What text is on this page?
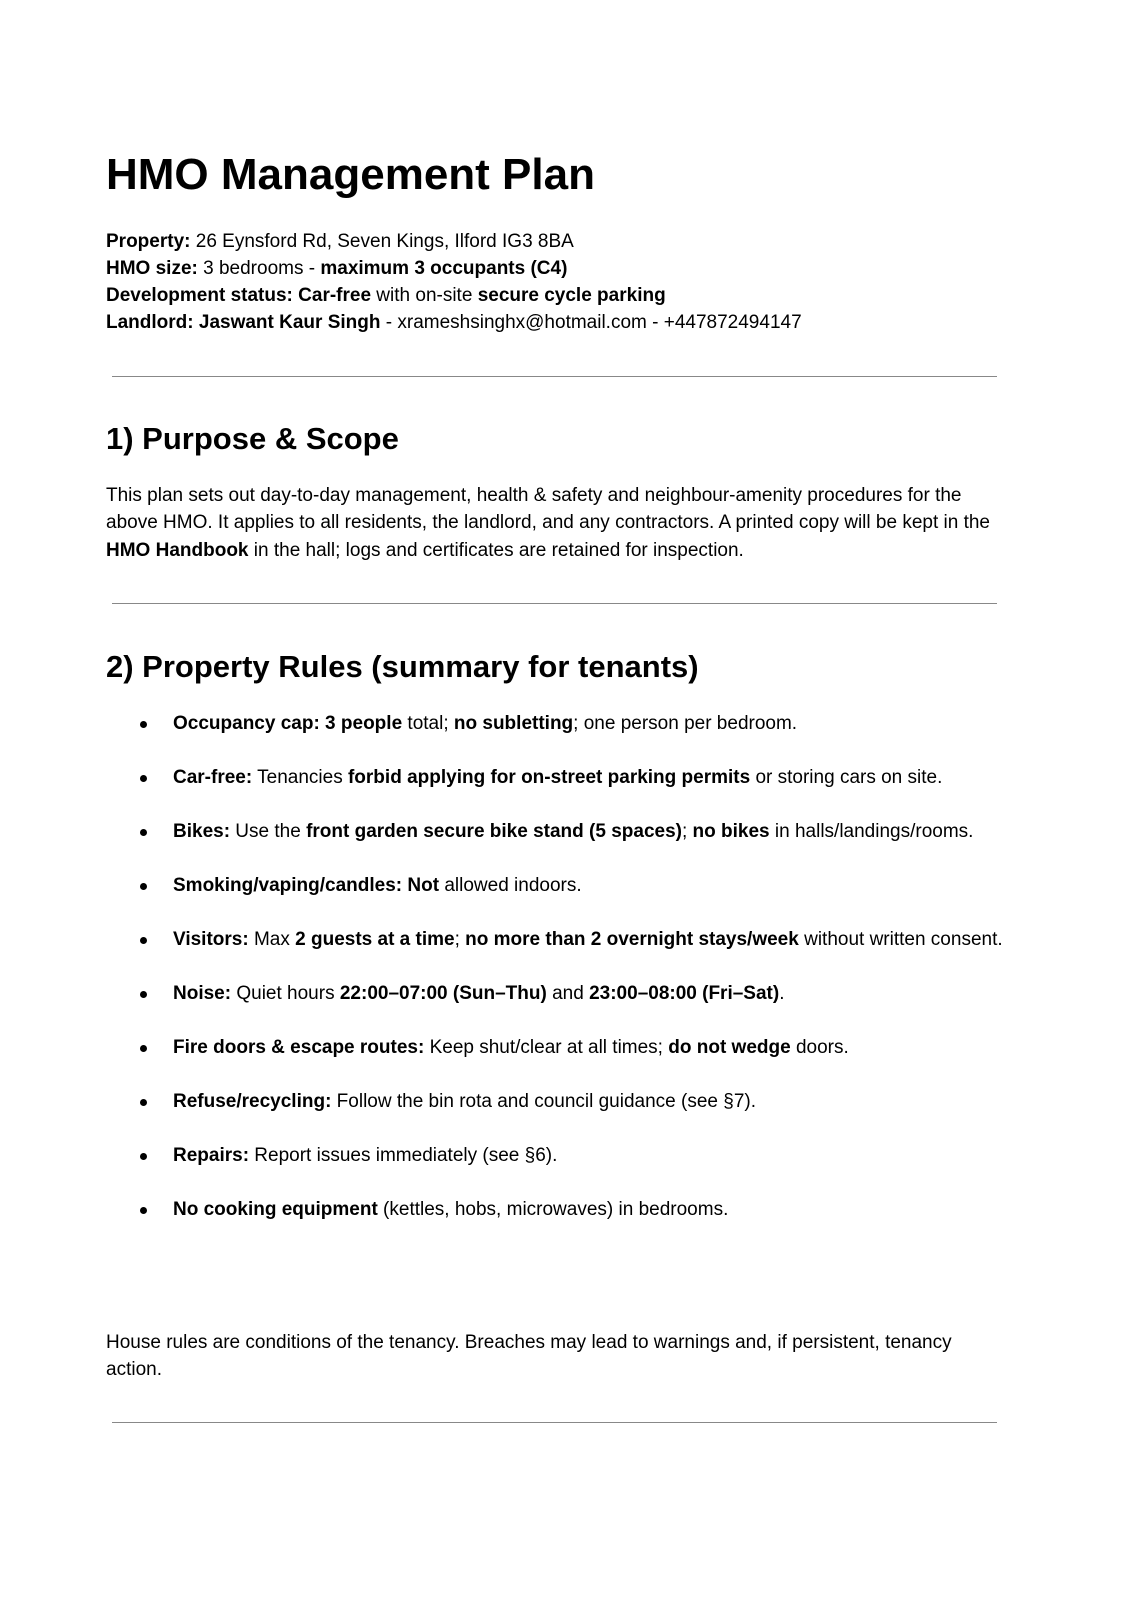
HMO Management Plan
Property: 26 Eynsford Rd, Seven Kings, Ilford IG3 8BA
HMO size: 3 bedrooms - maximum 3 occupants (C4)
Development status: Car-free with on-site secure cycle parking
Landlord: Jaswant Kaur Singh - xrameshsinghx@hotmail.com - +447872494147
1) Purpose & Scope
This plan sets out day-to-day management, health & safety and neighbour-amenity procedures for the above HMO. It applies to all residents, the landlord, and any contractors. A printed copy will be kept in the HMO Handbook in the hall; logs and certificates are retained for inspection.
2) Property Rules (summary for tenants)
Occupancy cap: 3 people total; no subletting; one person per bedroom.
Car-free: Tenancies forbid applying for on-street parking permits or storing cars on site.
Bikes: Use the front garden secure bike stand (5 spaces); no bikes in halls/landings/rooms.
Smoking/vaping/candles: Not allowed indoors.
Visitors: Max 2 guests at a time; no more than 2 overnight stays/week without written consent.
Noise: Quiet hours 22:00–07:00 (Sun–Thu) and 23:00–08:00 (Fri–Sat).
Fire doors & escape routes: Keep shut/clear at all times; do not wedge doors.
Refuse/recycling: Follow the bin rota and council guidance (see §7).
Repairs: Report issues immediately (see §6).
No cooking equipment (kettles, hobs, microwaves) in bedrooms.
House rules are conditions of the tenancy. Breaches may lead to warnings and, if persistent, tenancy action.
